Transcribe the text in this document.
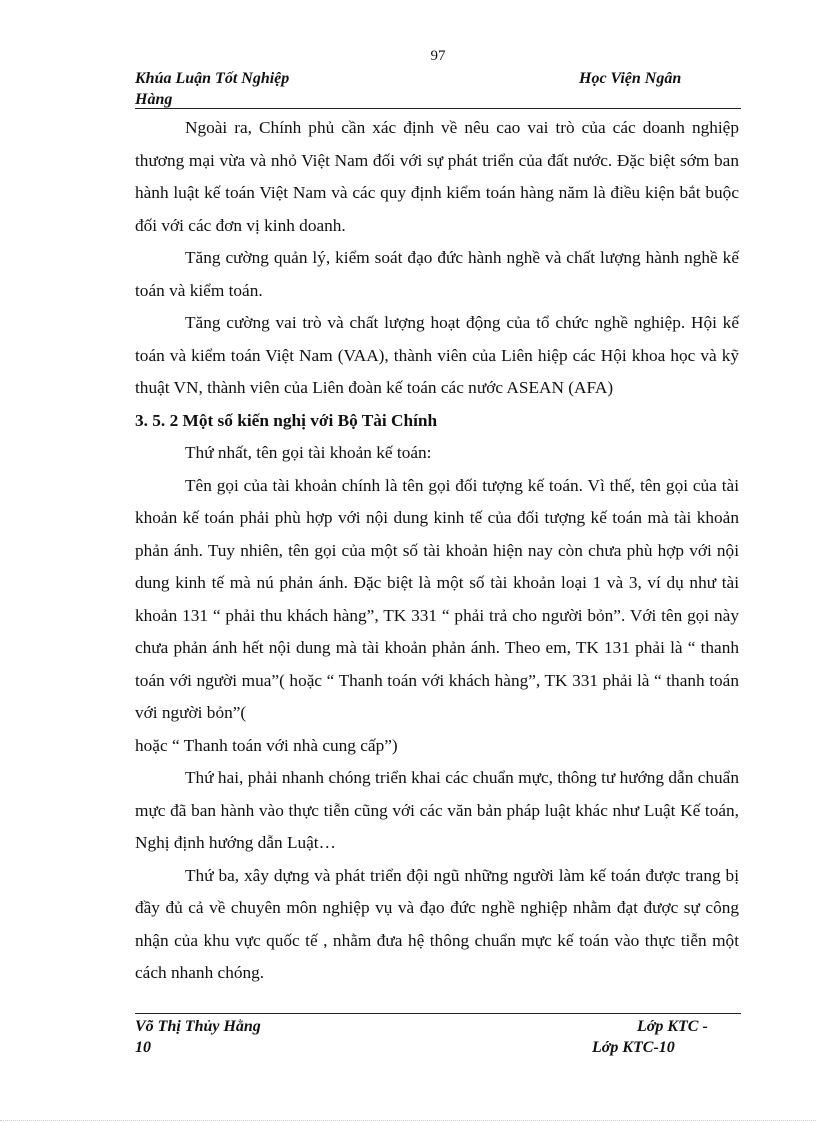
97
Khúa Luận Tốt Nghiệp
Hàng
Học Viện Ngân

Ngoài ra, Chính phủ cần xác định về nêu cao vai trò của các doanh nghiệp thương mại vừa và nhỏ Việt Nam đối với sự phát triển của đất nước. Đặc biệt sớm ban hành luật kế toán Việt Nam và các quy định kiểm toán hàng năm là điều kiện bắt buộc đối với các đơn vị kinh doanh.

Tăng cường quản lý, kiểm soát đạo đức hành nghề và chất lượng hành nghề kế toán và kiểm toán.

Tăng cường vai trò và chất lượng hoạt động của tổ chức nghề nghiệp. Hội kế toán và kiểm toán Việt Nam (VAA), thành viên của Liên hiệp các Hội khoa học và kỹ thuật VN, thành viên của Liên đoàn kế toán các nước ASEAN (AFA)

3. 5. 2 Một số kiến nghị với Bộ Tài Chính

Thứ nhất, tên gọi tài khoản kế toán:

Tên gọi của tài khoản chính là tên gọi đối tượng kế toán. Vì thế, tên gọi của tài khoản kế toán phải phù hợp với nội dung kinh tế của đối tượng kế toán mà tài khoản phản ánh. Tuy nhiên, tên gọi của một số tài khoản hiện nay còn chưa phù hợp với nội dung kinh tế mà nú phản ánh. Đặc biệt là một số tài khoản loại 1 và 3, ví dụ như tài khoản 131 “ phải thu khách hàng”, TK 331 “ phải trả cho người bỏn”. Với tên gọi này chưa phản ánh hết nội dung mà tài khoản phản ánh. Theo em, TK 131 phải là “ thanh toán với người mua”( hoặc “ Thanh toán với khách hàng”, TK 331 phải là “ thanh toán với người bỏn”(

hoặc “ Thanh toán với nhà cung cấp”)

Thứ hai, phải nhanh chóng triển khai các chuẩn mực, thông tư hướng dẫn chuẩn mực đã ban hành vào thực tiễn cũng với các văn bản pháp luật khác như Luật Kế toán, Nghị định hướng dẫn Luật…

Thứ ba, xây dựng và phát triển đội ngũ những người làm kế toán được trang bị đầy đủ cả về chuyên môn nghiệp vụ và đạo đức nghề nghiệp nhằm đạt được sự công nhận của khu vực quốc tế , nhằm đưa hệ thông chuẩn mực kế toán vào thực tiễn một cách nhanh chóng.

Võ Thị Thủy Hằng
10
Lớp KTC -
Lớp KTC-10
